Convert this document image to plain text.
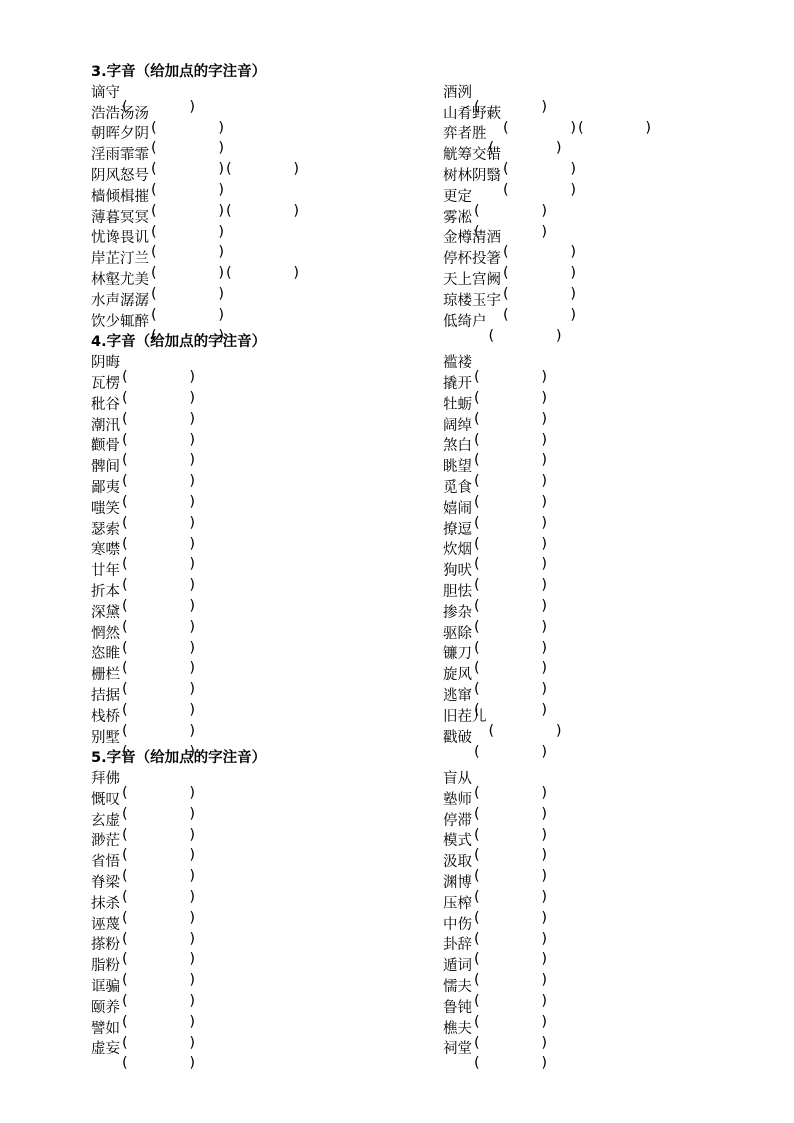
3.字音（给加点的字注音）
谪守	酒洌
浩浩汤汤	山肴野蔌
朝晖夕阴	弈者胜
淫雨霏霏	觥筹交错
阴风怒号	树林阴翳
樯倾楫摧	更定
薄暮冥冥	雾凇
忧谗畏讥	金樽清酒
岸芷汀兰	停杯投箸
林壑尤美	天上宫阙
水声潺潺	琼楼玉宇
饮少辄醉	低绮户
4.字音（给加点的字注音）
阴晦	褴褛
瓦楞	撬开
秕谷	牡蛎
潮汛	阔绰
颧骨	煞白
髀间	眺望
鄙夷	觅食
嗤笑	嬉闹
瑟索	撩逗
寒噤	炊烟
廿年	狗吠
折本	胆怯
深黛	掺杂
惘然	驱除
恣睢	镰刀
栅栏	旋风
拮据	逃窜
栈桥	旧茬儿
别墅	戳破
5.字音（给加点的字注音）
拜佛	盲从
慨叹	塾师
玄虚	停滞
渺茫	模式
省悟	汲取
脊梁	渊博
抹杀	压榨
诬蔑	中伤
搽粉	卦辞
脂粉	遁词
诓骗	懦夫
颐养	鲁钝
譬如	樵夫
虚妄	祠堂
